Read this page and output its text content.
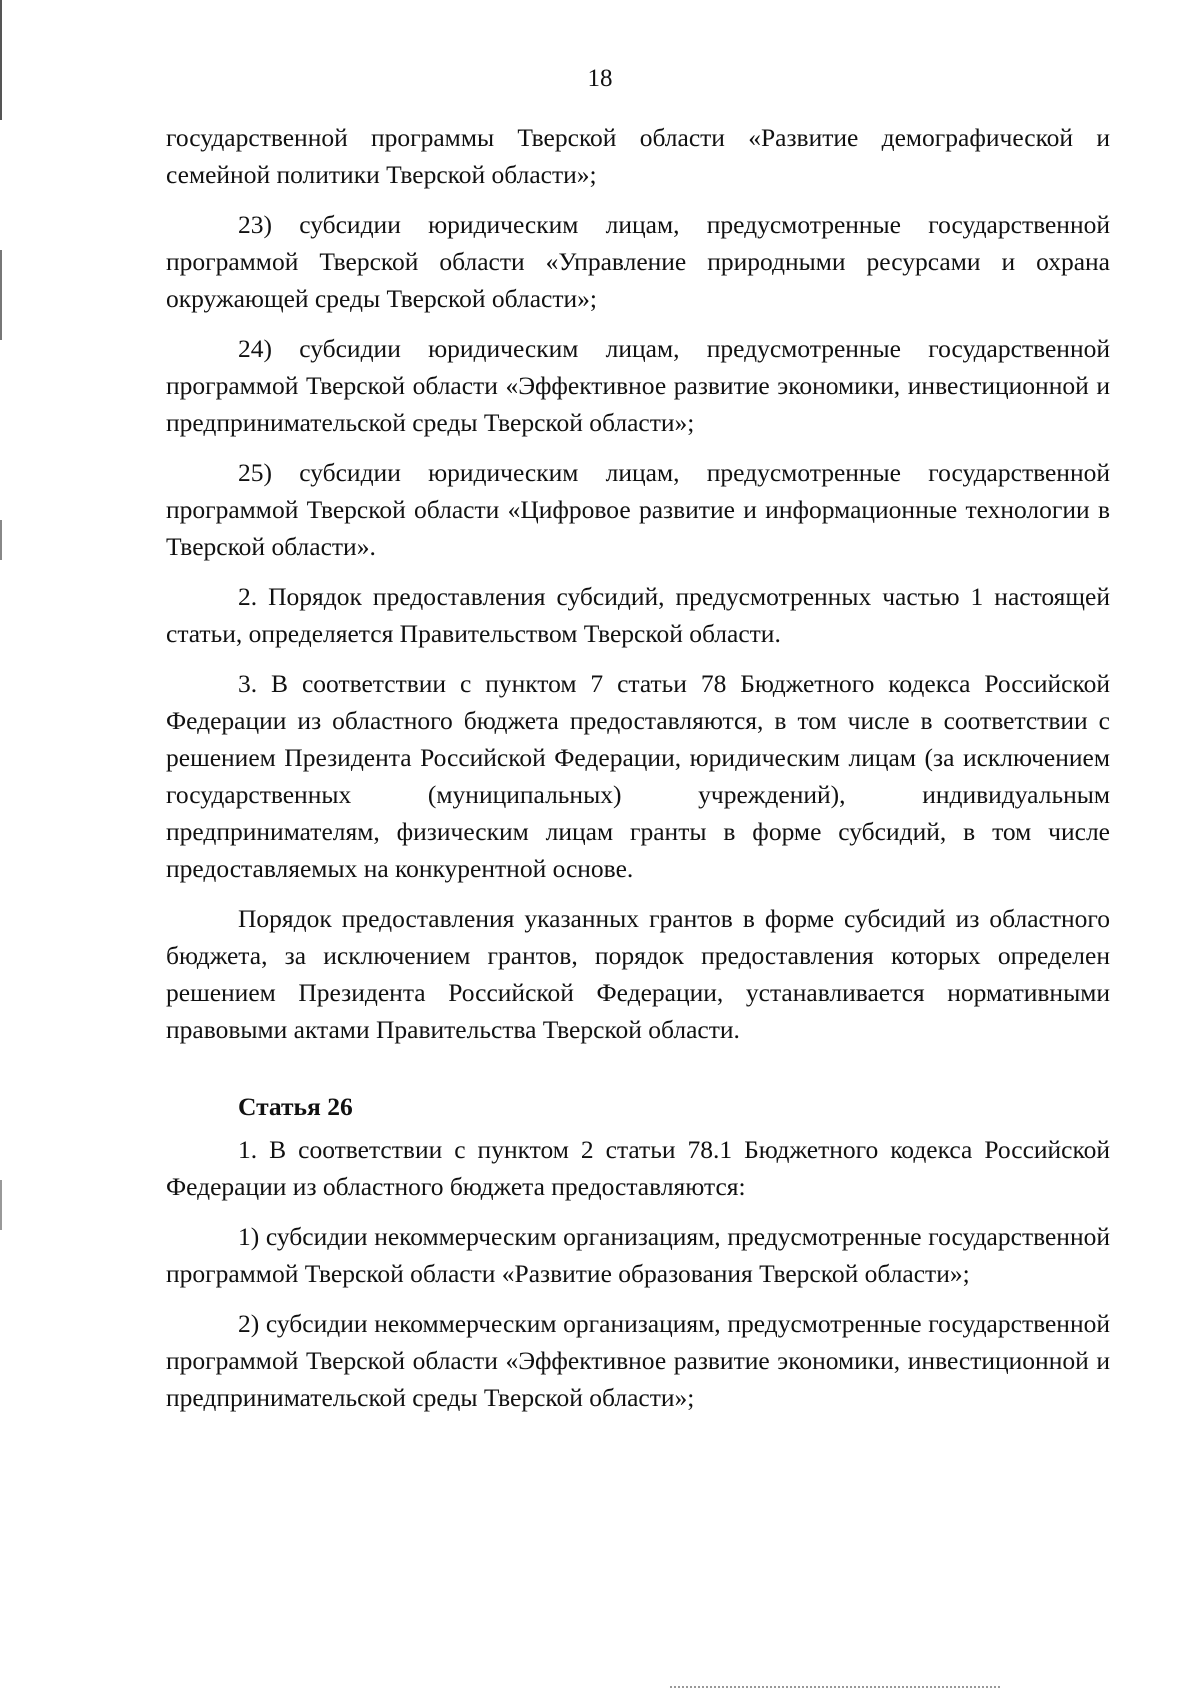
18

государственной программы Тверской области «Развитие демографической и семейной политики Тверской области»;

23) субсидии юридическим лицам, предусмотренные государственной программой Тверской области «Управление природными ресурсами и охрана окружающей среды Тверской области»;

24) субсидии юридическим лицам, предусмотренные государственной программой Тверской области «Эффективное развитие экономики, инвестиционной и предпринимательской среды Тверской области»;

25) субсидии юридическим лицам, предусмотренные государственной программой Тверской области «Цифровое развитие и информационные технологии в Тверской области».

2. Порядок предоставления субсидий, предусмотренных частью 1 настоящей статьи, определяется Правительством Тверской области.

3. В соответствии с пунктом 7 статьи 78 Бюджетного кодекса Российской Федерации из областного бюджета предоставляются, в том числе в соответствии с решением Президента Российской Федерации, юридическим лицам (за исключением государственных (муниципальных) учреждений), индивидуальным предпринимателям, физическим лицам гранты в форме субсидий, в том числе предоставляемых на конкурентной основе.

Порядок предоставления указанных грантов в форме субсидий из областного бюджета, за исключением грантов, порядок предоставления которых определен решением Президента Российской Федерации, устанавливается нормативными правовыми актами Правительства Тверской области.

Статья 26

1. В соответствии с пунктом 2 статьи 78.1 Бюджетного кодекса Российской Федерации из областного бюджета предоставляются:

1) субсидии некоммерческим организациям, предусмотренные государственной программой Тверской области «Развитие образования Тверской области»;

2) субсидии некоммерческим организациям, предусмотренные государственной программой Тверской области «Эффективное развитие экономики, инвестиционной и предпринимательской среды Тверской области»;
